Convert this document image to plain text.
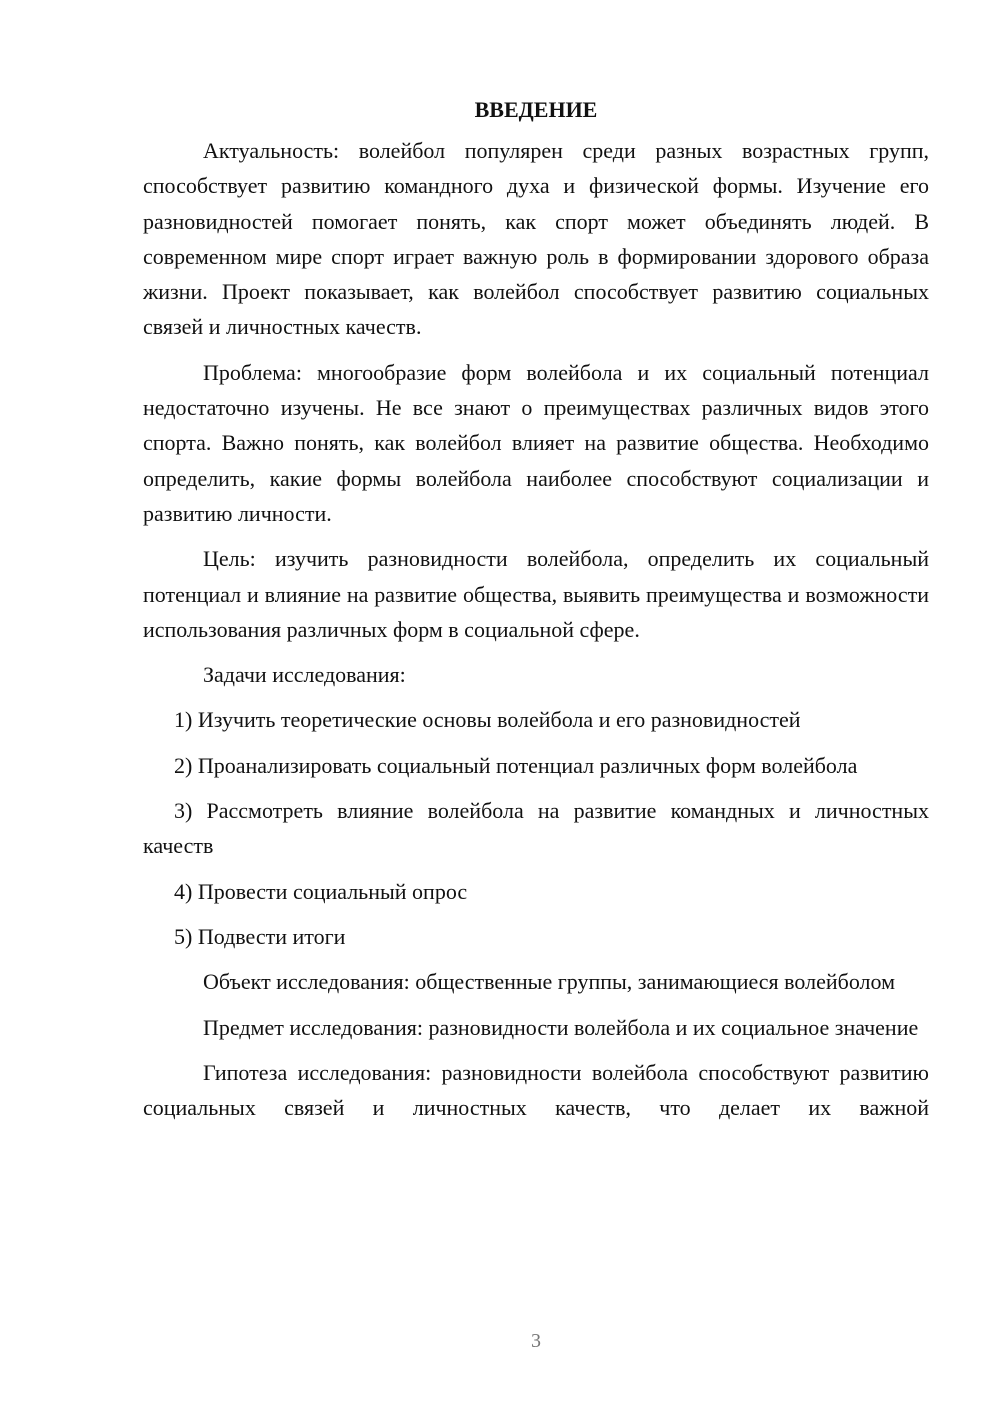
ВВЕДЕНИЕ

Актуальность: волейбол популярен среди разных возрастных групп, способствует развитию командного духа и физической формы. Изучение его разновидностей помогает понять, как спорт может объединять людей. В современном мире спорт играет важную роль в формировании здорового образа жизни. Проект показывает, как волейбол способствует развитию социальных связей и личностных качеств.

Проблема: многообразие форм волейбола и их социальный потенциал недостаточно изучены. Не все знают о преимуществах различных видов этого спорта. Важно понять, как волейбол влияет на развитие общества. Необходимо определить, какие формы волейбола наиболее способствуют социализации и развитию личности.

Цель: изучить разновидности волейбола, определить их социальный потенциал и влияние на развитие общества, выявить преимущества и возможности использования различных форм в социальной сфере.

Задачи исследования:

1) Изучить теоретические основы волейбола и его разновидностей

2) Проанализировать социальный потенциал различных форм волейбола

3) Рассмотреть влияние волейбола на развитие командных и личностных качеств

4) Провести социальный опрос

5) Подвести итоги

Объект исследования: общественные группы, занимающиеся волейболом

Предмет исследования: разновидности волейбола и их социальное значение

Гипотеза исследования: разновидности волейбола способствуют развитию социальных связей и личностных качеств, что делает их важной

3
